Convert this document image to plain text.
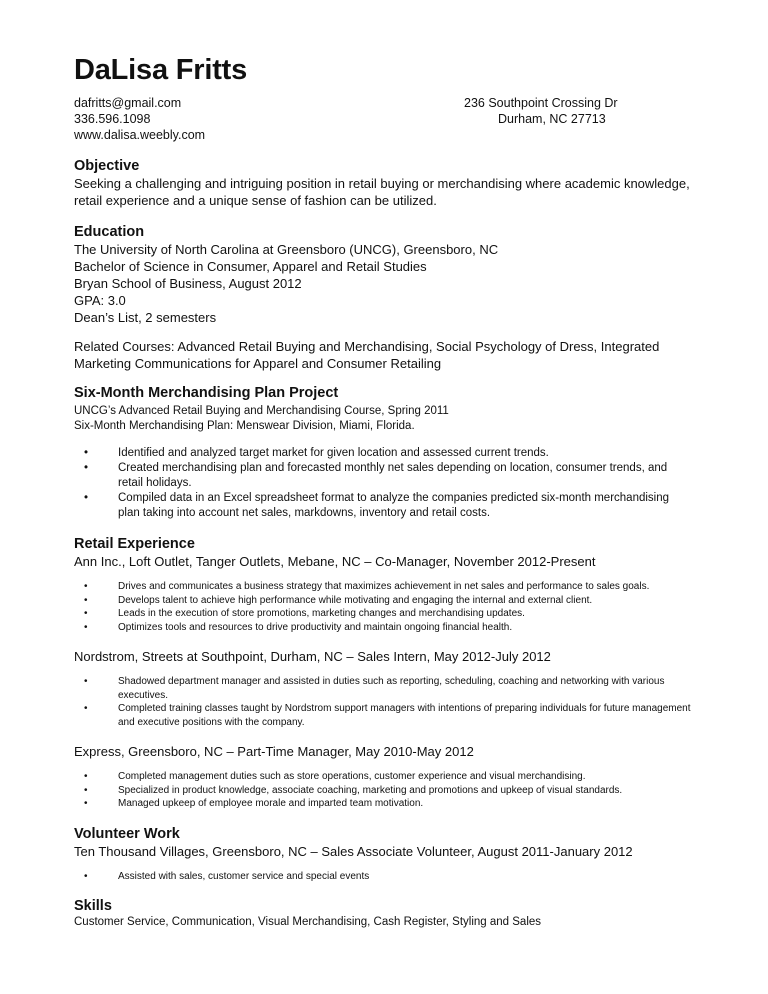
DaLisa Fritts
dafritts@gmail.com
336.596.1098
www.dalisa.weebly.com
236 Southpoint Crossing Dr
Durham, NC 27713
Objective

Seeking a challenging and intriguing position in retail buying or merchandising where academic knowledge, retail experience and a unique sense of fashion can be utilized.

Education
The University of North Carolina at Greensboro (UNCG), Greensboro, NC
Bachelor of Science in Consumer, Apparel and Retail Studies
Bryan School of Business, August 2012
GPA: 3.0
Dean’s List, 2 semesters

Related Courses: Advanced Retail Buying and Merchandising, Social Psychology of Dress, Integrated Marketing Communications for Apparel and Consumer Retailing

Six-Month Merchandising Plan Project
UNCG’s Advanced Retail Buying and Merchandising Course, Spring 2011
Six-Month Merchandising Plan: Menswear Division, Miami, Florida.
•	Identified and analyzed target market for given location and assessed current trends.
•	Created merchandising plan and forecasted monthly net sales depending on location, consumer trends, and retail holidays.
•	Compiled data in an Excel spreadsheet format to analyze the companies predicted six-month merchandising plan taking into account net sales, markdowns, inventory and retail costs.
Retail Experience
Ann Inc., Loft Outlet, Tanger Outlets, Mebane, NC – Co-Manager, November 2012-Present
•	Drives and communicates a business strategy that maximizes achievement in net sales and performance to sales goals.
•	Develops talent to achieve high performance while motivating and engaging the internal and external client.
•	Leads in the execution of store promotions, marketing changes and merchandising updates.
•	Optimizes tools and resources to drive productivity and maintain ongoing financial health.
Nordstrom, Streets at Southpoint, Durham, NC – Sales Intern, May 2012-July 2012
•	Shadowed department manager and assisted in duties such as reporting, scheduling, coaching and networking with various executives.
•	Completed training classes taught by Nordstrom support managers with intentions of preparing individuals for future management and executive positions with the company.
Express, Greensboro, NC – Part-Time Manager, May 2010-May 2012
•	Completed management duties such as store operations, customer experience and visual merchandising.
•	Specialized in product knowledge, associate coaching, marketing and promotions and upkeep of visual standards.
•	Managed upkeep of employee morale and imparted team motivation.
Volunteer Work
Ten Thousand Villages, Greensboro, NC – Sales Associate Volunteer, August 2011-January 2012
•	Assisted with sales, customer service and special events
Skills

Customer Service, Communication, Visual Merchandising, Cash Register, Styling and Sales
